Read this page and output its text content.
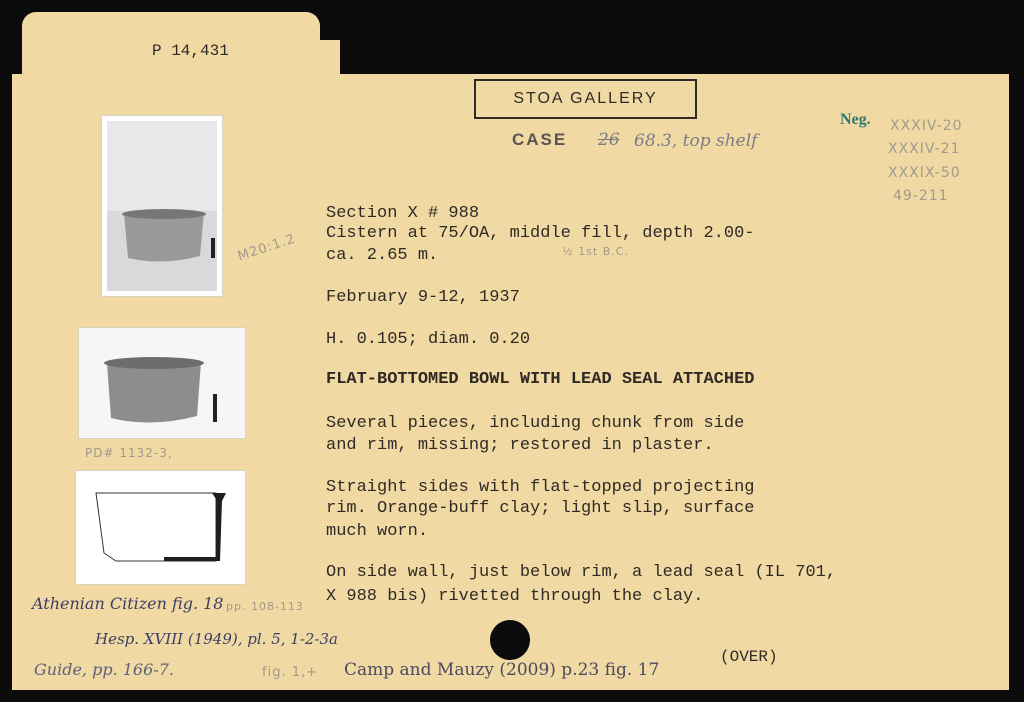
P 14,431
STOA GALLERY
CASE 26 68.3, top shelf
Neg. XXXIV-20
XXXIV-21
XXXIX-50
49-211
M20:1.2
PD# 1132-3,
Section X # 988
Cistern at 75/OA, middle fill, depth 2.00-
ca. 2.65 m.	½ 1st B.C.
February 9-12, 1937
H. 0.105; diam. 0.20
FLAT-BOTTOMED BOWL WITH LEAD SEAL ATTACHED
Several pieces, including chunk from side
and rim, missing; restored in plaster.
Straight sides with flat-topped projecting
rim. Orange-buff clay; light slip, surface
much worn.
On side wall, just below rim, a lead seal (IL 701,
X 988 bis) rivetted through the clay.
Athenian Citizen fig. 18 pp. 108-113
Hesp. XVIII (1949), pl. 5, 1-2-3a
Guide, pp. 166-7.	fig. 1,+ Camp and Mauzy (2009) p.23 fig. 17
(OVER)
